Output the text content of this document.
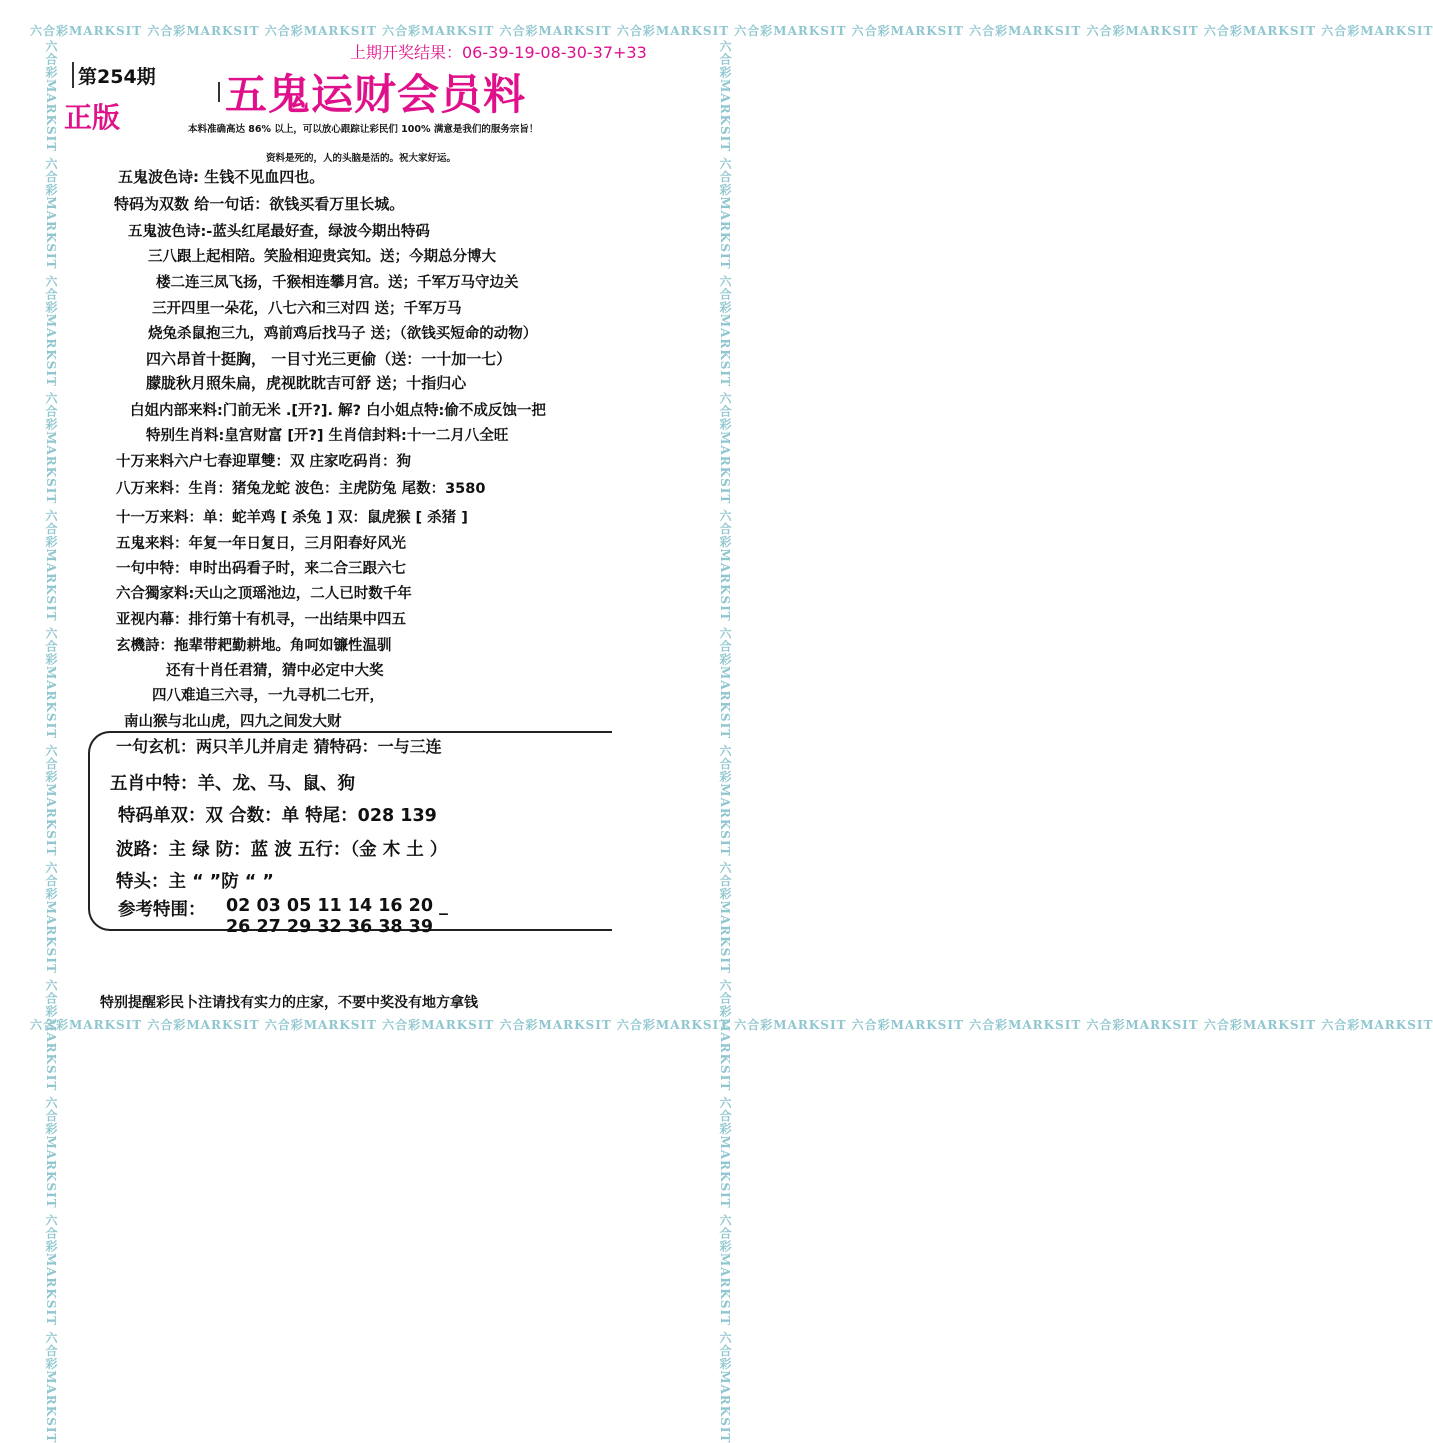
六合彩MARKSIT 六合彩MARKSIT 六合彩MARKSIT 六合彩MARKSIT 六合彩MARKSIT 六合彩MARKSIT 六合彩MARKSIT 六合彩MARKSIT 六合彩MARKSIT 六合彩MARKSIT 六合彩MARKSIT 六合彩MARKSIT
六合彩MARKSIT 六合彩MARKSIT 六合彩MARKSIT 六合彩MARKSIT 六合彩MARKSIT 六合彩MARKSIT 六合彩MARKSIT 六合彩MARKSIT 六合彩MARKSIT 六合彩MARKSIT 六合彩MARKSIT 六合彩MARKSIT
六合彩MARKSIT 六合彩MARKSIT 六合彩MARKSIT 六合彩MARKSIT 六合彩MARKSIT 六合彩MARKSIT 六合彩MARKSIT 六合彩MARKSIT 六合彩MARKSIT 六合彩MARKSIT 六合彩MARKSIT 六合彩MARKSIT	六合彩MARKSIT 六合彩MARKSIT 六合彩MARKSIT 六合彩MARKSIT 六合彩MARKSIT 六合彩MARKSIT 六合彩MARKSIT 六合彩MARKSIT 六合彩MARKSIT 六合彩MARKSIT 六合彩MARKSIT 六合彩MARKSIT
第254期
正版 五鬼运财会员料
上期开奖结果：06-39-19-08-30-37+33
本料准确高达 86% 以上，可以放心跟踪让彩民们 100% 满意是我们的服务宗旨！
资料是死的，人的头脑是活的。祝大家好运。
五鬼波色诗: 生钱不见血四也。
特码为双数 给一句话：欲钱买看万里长城。
五鬼波色诗:-蓝头红尾最好查，绿波今期出特码
三八跟上起相陪。笑脸相迎贵宾知。送；今期总分博大
楼二连三凤飞扬，千猴相连攀月宫。送；千军万马守边关
三开四里一朵花，八七六和三对四 送；千军万马
烧兔杀鼠抱三九，鸡前鸡后找马子 送；（欲钱买短命的动物）
四六昂首十挺胸， 一目寸光三更偷（送：一十加一七）
朦胧秋月照朱扁，虎视眈眈吉可舒 送；十指归心
白姐内部来料:门前无米 .[开?]. 解? 白小姐点特:偷不成反蚀一把
特别生肖料:皇宫财富 [开?] 生肖信封料:十一二月八全旺
十万来料六户七春迎單雙：双 庄家吃码肖：狗
八万来料：生肖：猪兔龙蛇 波色：主虎防兔 尾数：3580
十一万来料：单：蛇羊鸡 [ 杀兔 ] 双：鼠虎猴 [ 杀猪 ]
五鬼来料：年复一年日复日，三月阳春好风光
一句中特：申时出码看子时，来二合三跟六七
六合獨家料:天山之顶瑶池边，二人已时数千年
亚视内幕：排行第十有机寻，一出结果中四五
玄機詩：拖辈带耙勤耕地。角呵如镰性温驯
还有十肖任君猜，猜中必定中大奖
四八难追三六寻，一九寻机二七开，
南山猴与北山虎，四九之间发大财
一句玄机：两只羊儿并肩走 猜特码：一与三连
五肖中特：羊、龙、马、鼠、狗
特码单双：双 合数：单 特尾：028 139
波路：主 绿 防：蓝 波 五行：（金 木 土 ）
特头：主 “ ”防 “ ”
参考特围： 02 03 05 11 14 16 20 _
26 27 29 32 36 38 39
特别提醒彩民卜注请找有实力的庄家，不要中奖没有地方拿钱
